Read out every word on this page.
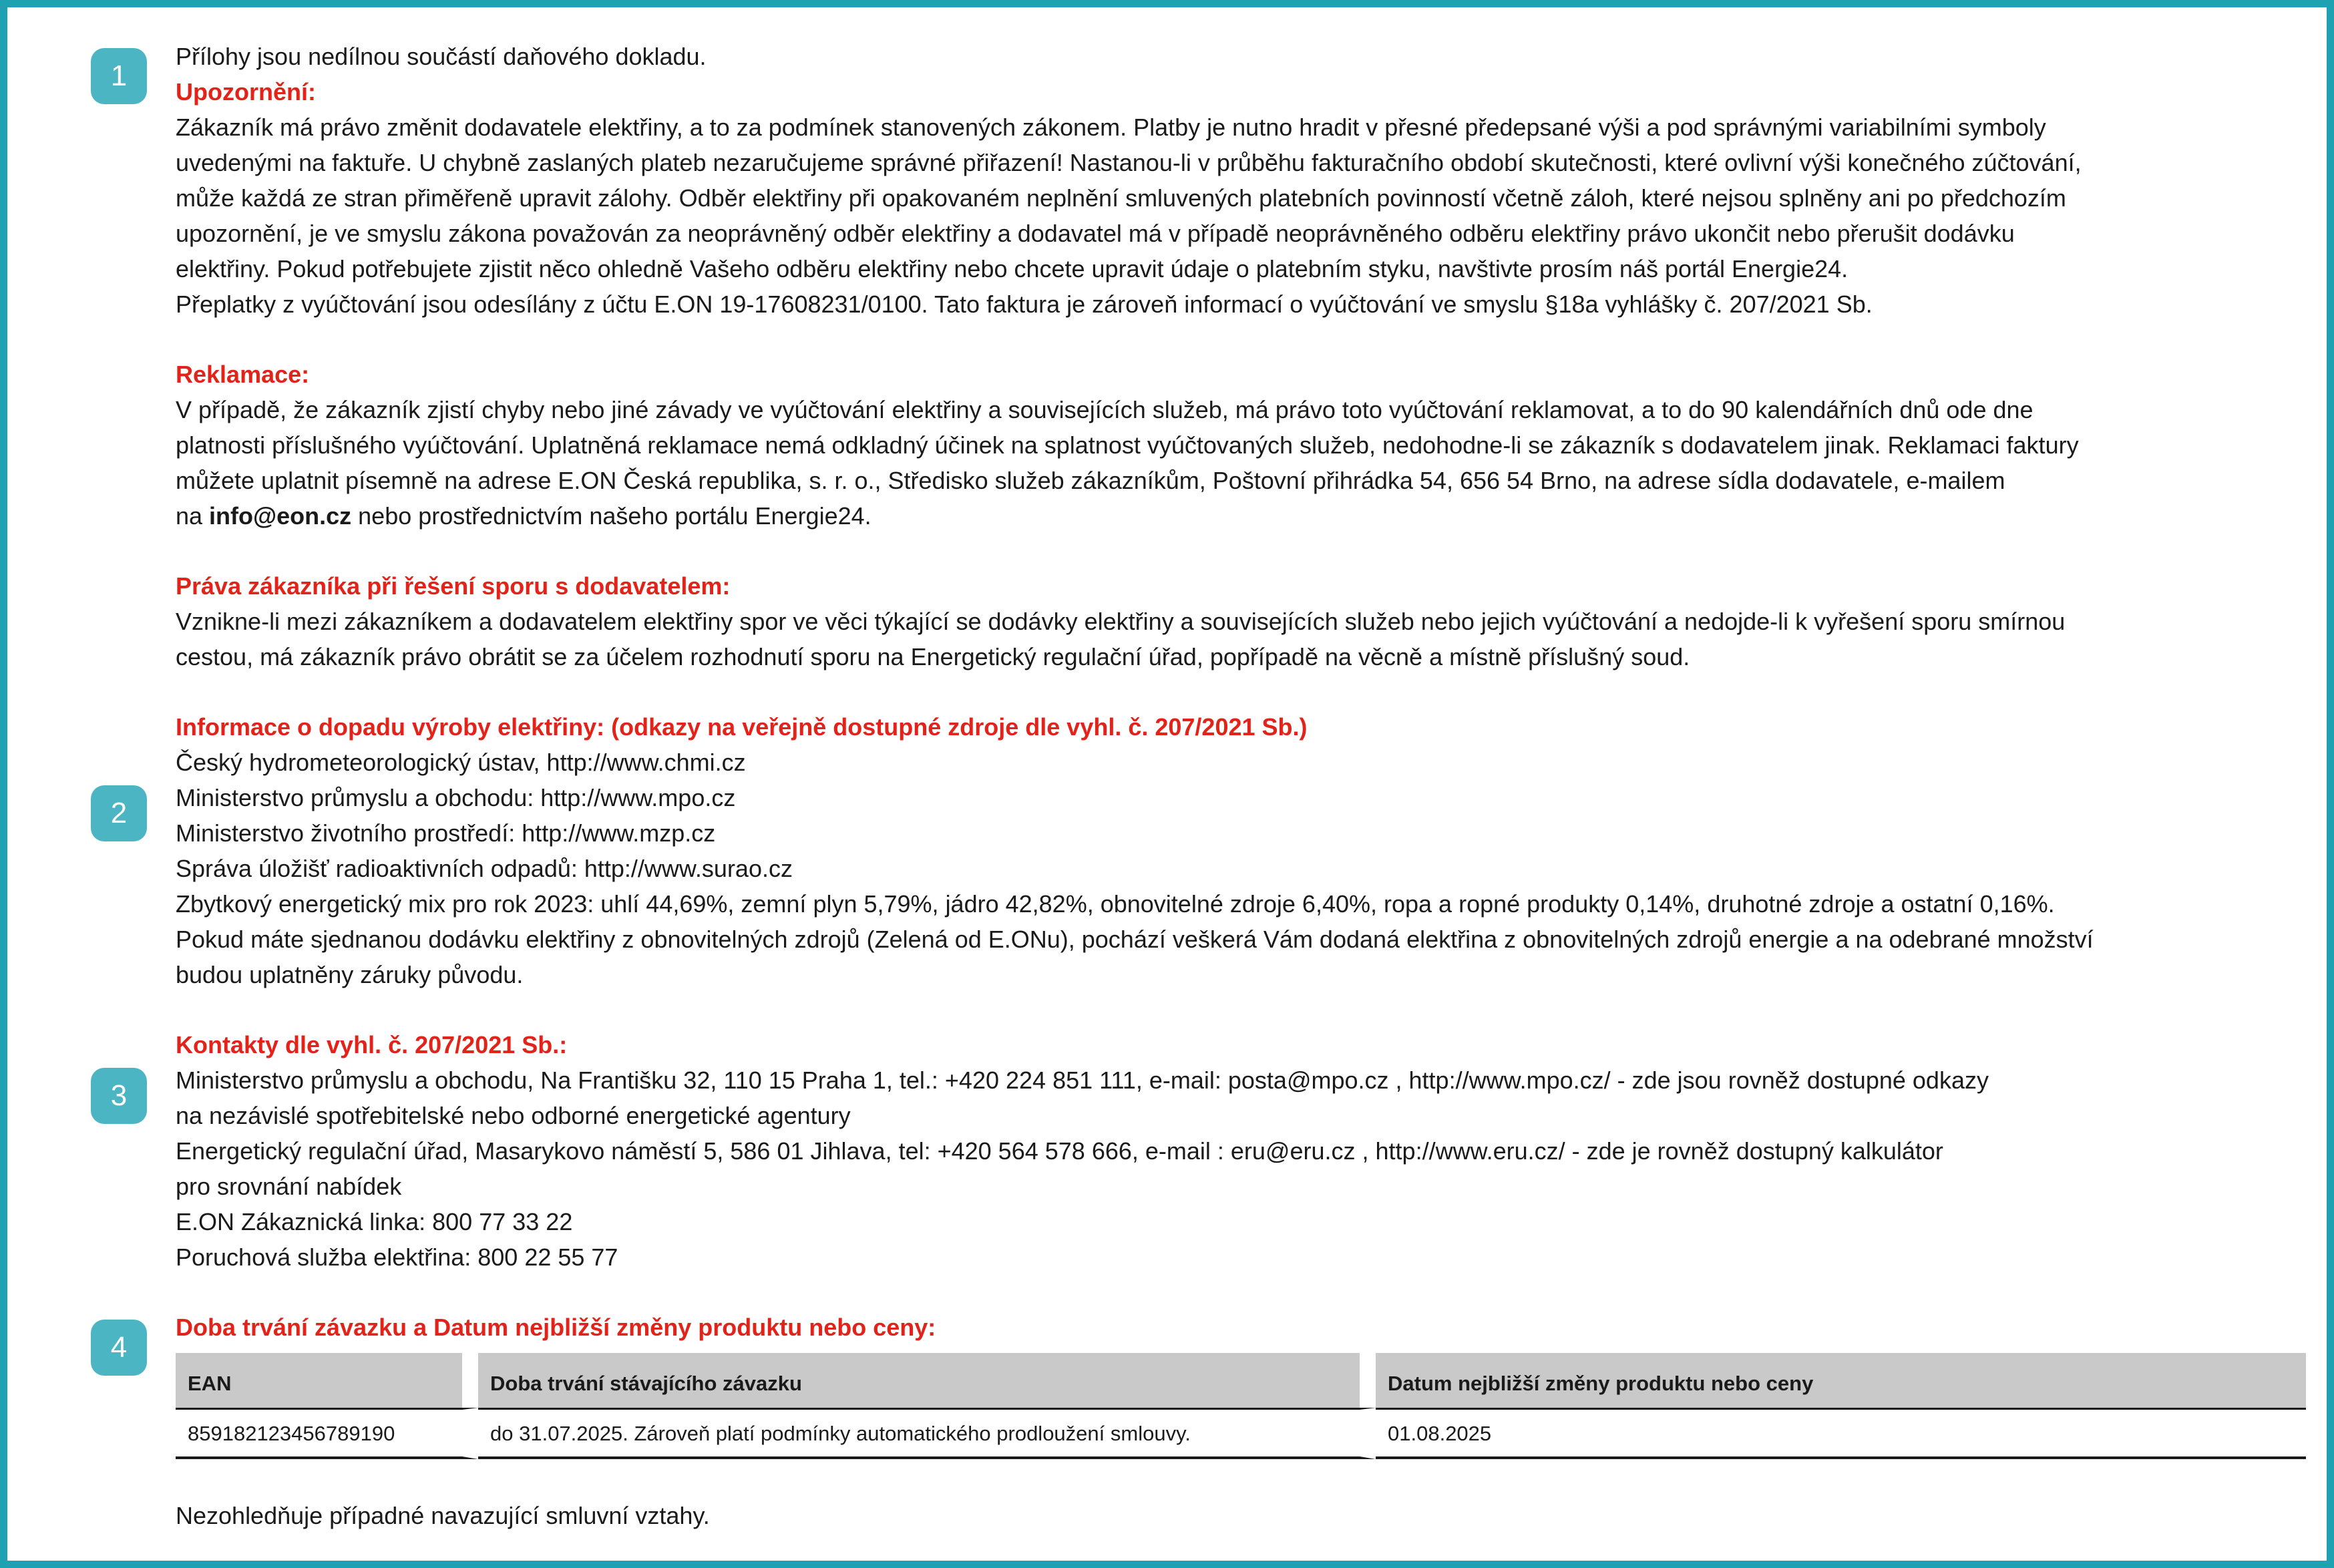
1
2
3
4
Přílohy jsou nedílnou součástí daňového dokladu.
Upozornění:
Zákazník má právo změnit dodavatele elektřiny, a to za podmínek stanovených zákonem. Platby je nutno hradit v přesné předepsané výši a pod správnými variabilními symboly
uvedenými na faktuře. U chybně zaslaných plateb nezaručujeme správné přiřazení! Nastanou-li v průběhu fakturačního období skutečnosti, které ovlivní výši konečného zúčtování,
může každá ze stran přiměřeně upravit zálohy. Odběr elektřiny při opakovaném neplnění smluvených platebních povinností včetně záloh, které nejsou splněny ani po předchozím
upozornění, je ve smyslu zákona považován za neoprávněný odběr elektřiny a dodavatel má v případě neoprávněného odběru elektřiny právo ukončit nebo přerušit dodávku
elektřiny. Pokud potřebujete zjistit něco ohledně Vašeho odběru elektřiny nebo chcete upravit údaje o platebním styku, navštivte prosím náš portál Energie24.
Přeplatky z vyúčtování jsou odesílány z účtu E.ON 19-17608231/0100. Tato faktura je zároveň informací o vyúčtování ve smyslu §18a vyhlášky č. 207/2021 Sb.
Reklamace:
V případě, že zákazník zjistí chyby nebo jiné závady ve vyúčtování elektřiny a souvisejících služeb, má právo toto vyúčtování reklamovat, a to do 90 kalendářních dnů ode dne
platnosti příslušného vyúčtování. Uplatněná reklamace nemá odkladný účinek na splatnost vyúčtovaných služeb, nedohodne-li se zákazník s dodavatelem jinak. Reklamaci faktury
můžete uplatnit písemně na adrese E.ON Česká republika, s. r. o., Středisko služeb zákazníkům, Poštovní přihrádka 54, 656 54 Brno, na adrese sídla dodavatele, e-mailem
na info@eon.cz nebo prostřednictvím našeho portálu Energie24.
Práva zákazníka při řešení sporu s dodavatelem:
Vznikne-li mezi zákazníkem a dodavatelem elektřiny spor ve věci týkající se dodávky elektřiny a souvisejících služeb nebo jejich vyúčtování a nedojde-li k vyřešení sporu smírnou
cestou, má zákazník právo obrátit se za účelem rozhodnutí sporu na Energetický regulační úřad, popřípadě na věcně a místně příslušný soud.
Informace o dopadu výroby elektřiny: (odkazy na veřejně dostupné zdroje dle vyhl. č. 207/2021 Sb.)
Český hydrometeorologický ústav, http://www.chmi.cz
Ministerstvo průmyslu a obchodu: http://www.mpo.cz
Ministerstvo životního prostředí: http://www.mzp.cz
Správa úložišť radioaktivních odpadů: http://www.surao.cz
Zbytkový energetický mix pro rok 2023: uhlí 44,69%, zemní plyn 5,79%, jádro 42,82%, obnovitelné zdroje 6,40%, ropa a ropné produkty 0,14%, druhotné zdroje a ostatní 0,16%.
Pokud máte sjednanou dodávku elektřiny z obnovitelných zdrojů (Zelená od E.ONu), pochází veškerá Vám dodaná elektřina z obnovitelných zdrojů energie a na odebrané množství
budou uplatněny záruky původu.
Kontakty dle vyhl. č. 207/2021 Sb.:
Ministerstvo průmyslu a obchodu, Na Františku 32, 110 15 Praha 1, tel.: +420 224 851 111, e-mail: posta@mpo.cz , http://www.mpo.cz/ - zde jsou rovněž dostupné odkazy
na nezávislé spotřebitelské nebo odborné energetické agentury
Energetický regulační úřad, Masarykovo náměstí 5, 586 01 Jihlava, tel: +420 564 578 666, e-mail : eru@eru.cz , http://www.eru.cz/ - zde je rovněž dostupný kalkulátor
pro srovnání nabídek
E.ON Zákaznická linka: 800 77 33 22
Poruchová služba elektřina: 800 22 55 77
Doba trvání závazku a Datum nejbližší změny produktu nebo ceny:
EAN	Doba trvání stávajícího závazku	Datum nejbližší změny produktu nebo ceny
859182123456789190	do 31.07.2025. Zároveň platí podmínky automatického prodloužení smlouvy.	01.08.2025
Nezohledňuje případné navazující smluvní vztahy.
